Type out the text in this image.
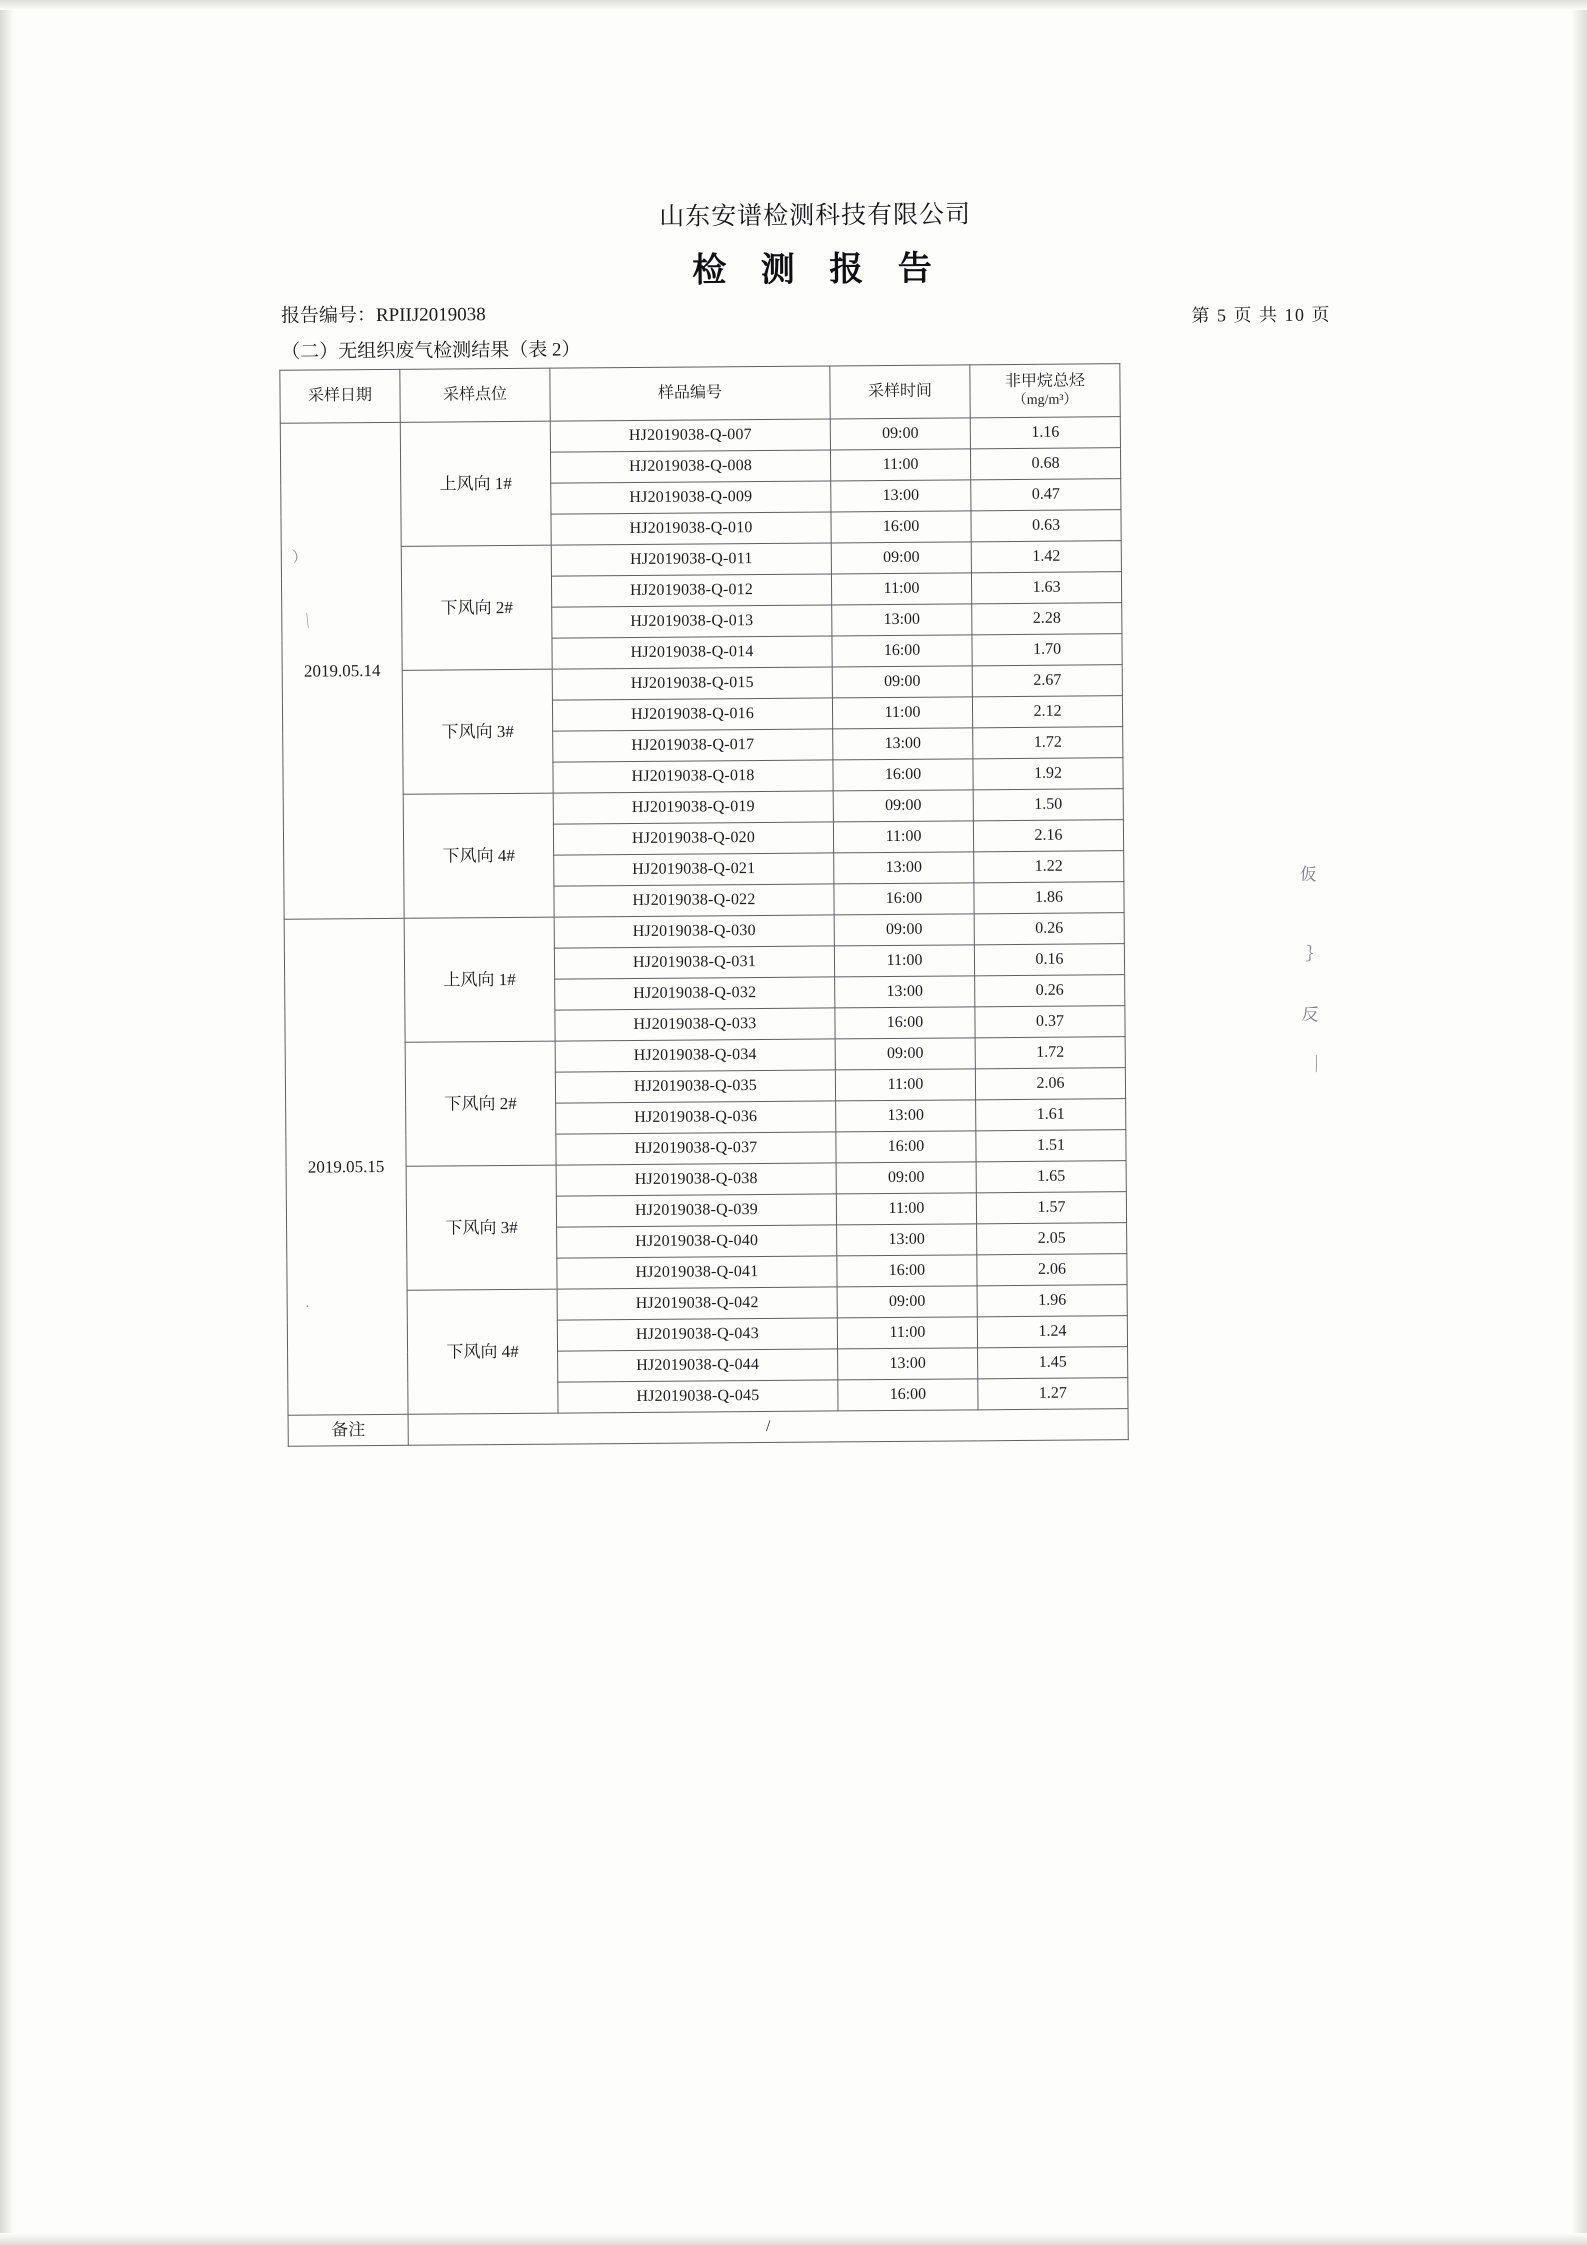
）
｜
·
仮
｝
反
｜
山东安谱检测科技有限公司
检 测 报 告
报告编号：RPIIJ2019038	第 5 页 共 10 页
（二）无组织废气检测结果（表 2）
采样日期	采样点位	样品编号	采样时间	非甲烷总烃
（mg/m³）

2019.05.14	上风向 1#	HJ2019038-Q-007	09:00	1.16
		HJ2019038-Q-008	11:00	0.68
		HJ2019038-Q-009	13:00	0.47
		HJ2019038-Q-010	16:00	0.63
	下风向 2#	HJ2019038-Q-011	09:00	1.42
		HJ2019038-Q-012	11:00	1.63
		HJ2019038-Q-013	13:00	2.28
		HJ2019038-Q-014	16:00	1.70
	下风向 3#	HJ2019038-Q-015	09:00	2.67
		HJ2019038-Q-016	11:00	2.12
		HJ2019038-Q-017	13:00	1.72
		HJ2019038-Q-018	16:00	1.92
	下风向 4#	HJ2019038-Q-019	09:00	1.50
		HJ2019038-Q-020	11:00	2.16
		HJ2019038-Q-021	13:00	1.22
		HJ2019038-Q-022	16:00	1.86
2019.05.15	上风向 1#	HJ2019038-Q-030	09:00	0.26
		HJ2019038-Q-031	11:00	0.16
		HJ2019038-Q-032	13:00	0.26
		HJ2019038-Q-033	16:00	0.37
	下风向 2#	HJ2019038-Q-034	09:00	1.72
		HJ2019038-Q-035	11:00	2.06
		HJ2019038-Q-036	13:00	1.61
		HJ2019038-Q-037	16:00	1.51
	下风向 3#	HJ2019038-Q-038	09:00	1.65
		HJ2019038-Q-039	11:00	1.57
		HJ2019038-Q-040	13:00	2.05
		HJ2019038-Q-041	16:00	2.06
	下风向 4#	HJ2019038-Q-042	09:00	1.96
		HJ2019038-Q-043	11:00	1.24
		HJ2019038-Q-044	13:00	1.45
		HJ2019038-Q-045	16:00	1.27
备注	/			
